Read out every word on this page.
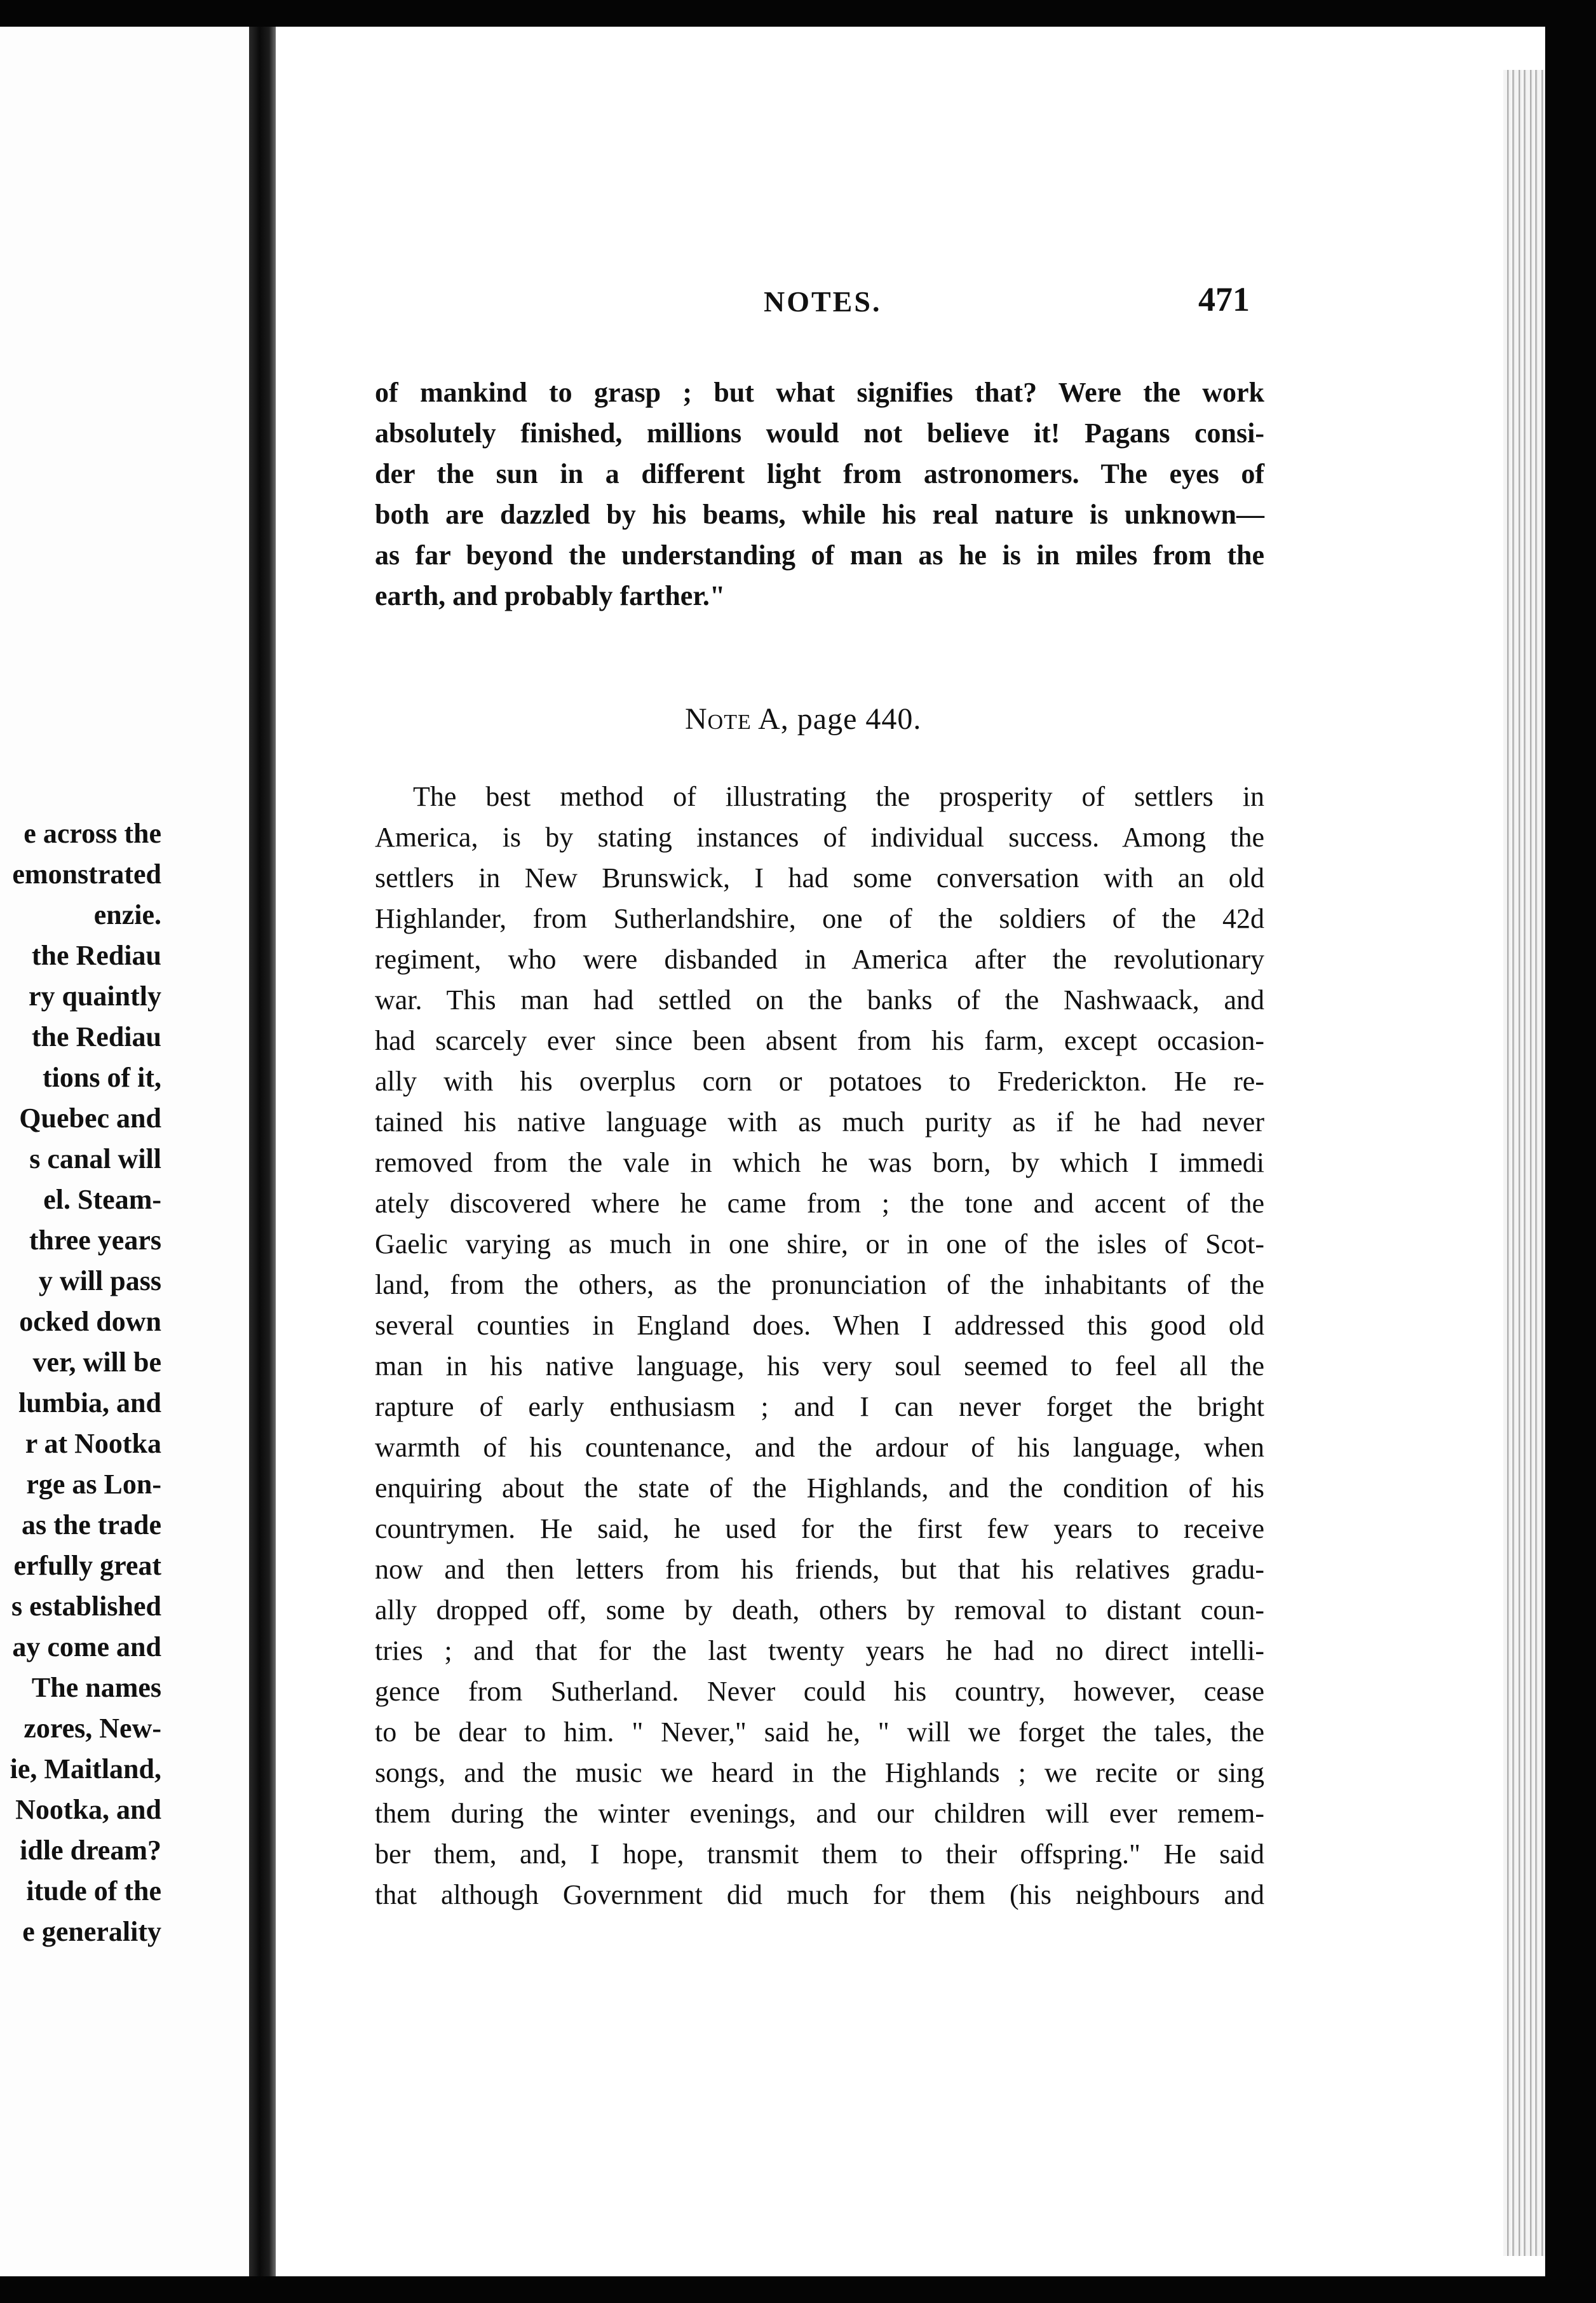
e across the
emonstrated
enzie.
the Rediau
ry quaintly
the Rediau
tions of it,
Quebec and
s canal will
el. Steam-
three years
y will pass
ocked down
ver, will be
lumbia, and
r at Nootka
rge as Lon-
as the trade
erfully great
s established
ay come and
The names
zores, New-
ie, Maitland,
Nootka, and
idle dream?
itude of the
e generality
NOTES.	471
of mankind to grasp ; but what signifies that? Were the work
absolutely finished, millions would not believe it! Pagans consi-
der the sun in a different light from astronomers. The eyes of
both are dazzled by his beams, while his real nature is unknown—
as far beyond the understanding of man as he is in miles from the
earth, and probably farther."
Note A, page 440.
The best method of illustrating the prosperity of settlers in
America, is by stating instances of individual success. Among the
settlers in New Brunswick, I had some conversation with an old
Highlander, from Sutherlandshire, one of the soldiers of the 42d
regiment, who were disbanded in America after the revolutionary
war. This man had settled on the banks of the Nashwaack, and
had scarcely ever since been absent from his farm, except occasion-
ally with his overplus corn or potatoes to Frederickton. He re-
tained his native language with as much purity as if he had never
removed from the vale in which he was born, by which I immedi
ately discovered where he came from ; the tone and accent of the
Gaelic varying as much in one shire, or in one of the isles of Scot-
land, from the others, as the pronunciation of the inhabitants of the
several counties in England does. When I addressed this good old
man in his native language, his very soul seemed to feel all the
rapture of early enthusiasm ; and I can never forget the bright
warmth of his countenance, and the ardour of his language, when
enquiring about the state of the Highlands, and the condition of his
countrymen. He said, he used for the first few years to receive
now and then letters from his friends, but that his relatives gradu-
ally dropped off, some by death, others by removal to distant coun-
tries ; and that for the last twenty years he had no direct intelli-
gence from Sutherland. Never could his country, however, cease
to be dear to him. " Never," said he, " will we forget the tales, the
songs, and the music we heard in the Highlands ; we recite or sing
them during the winter evenings, and our children will ever remem-
ber them, and, I hope, transmit them to their offspring." He said
that although Government did much for them (his neighbours and
